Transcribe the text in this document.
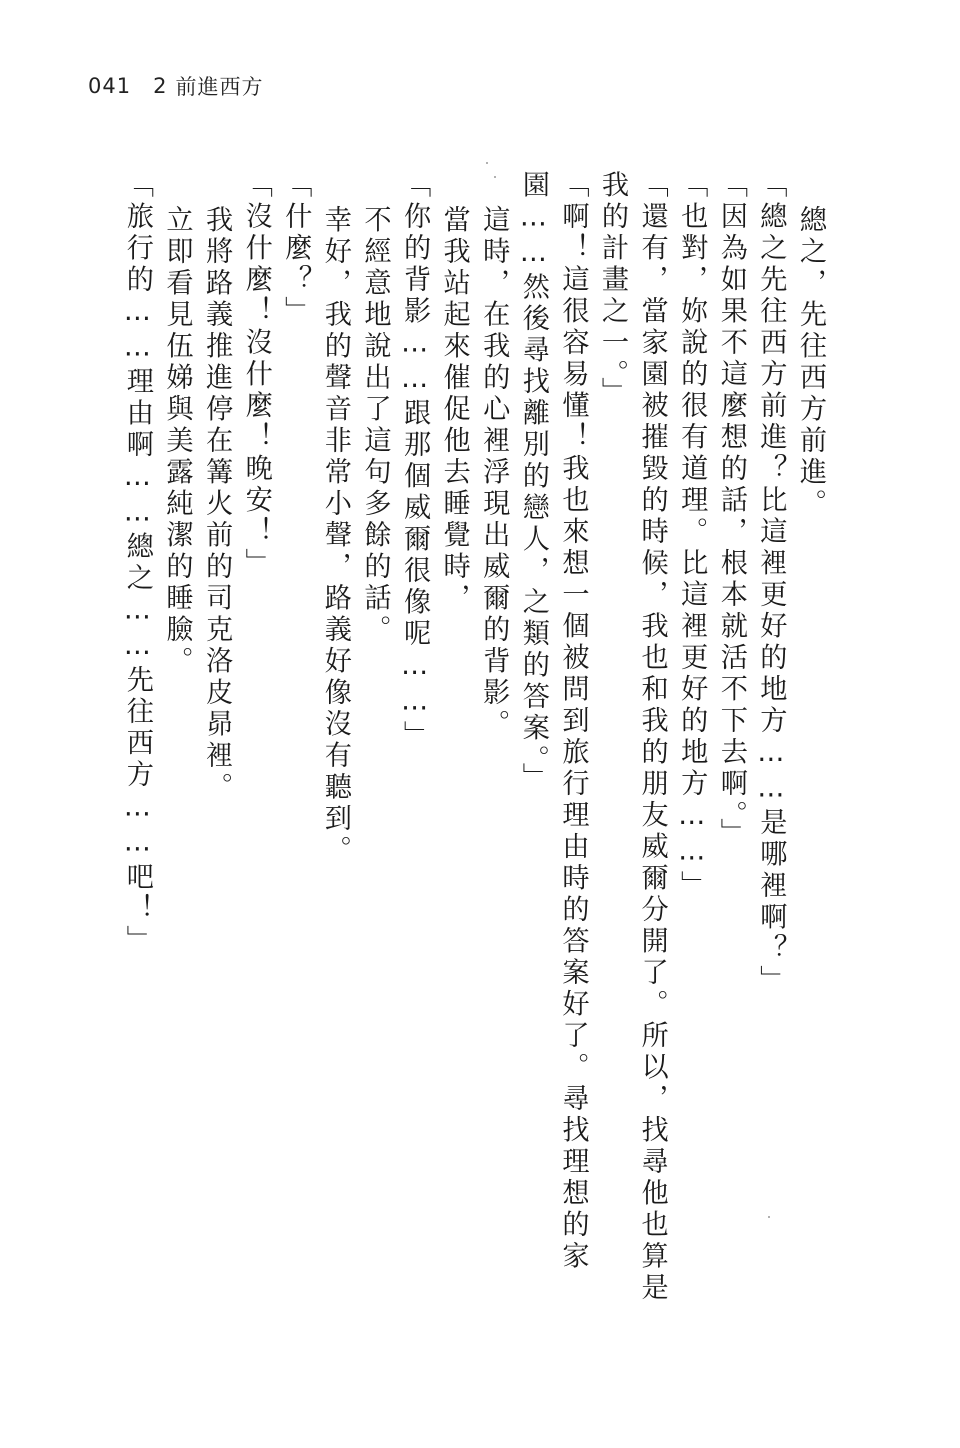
041 2 前進西方

總之，先往西方前進。

「總之先往西方前進？比這裡更好的地方……是哪裡啊？」

「因為如果不這麼想的話，根本就活不下去啊。」

「也對，妳說的很有道理。比這裡更好的地方……」

「還有，當家園被摧毀的時候，我也和我的朋友威爾分開了。所以，找尋他也算是我的計畫之一。」

「啊！這很容易懂！我也來想一個被問到旅行理由時的答案好了。尋找理想的家園……然後尋找離別的戀人，之類的答案。」

這時，在我的心裡浮現出威爾的背影。

當我站起來催促他去睡覺時，

「你的背影……跟那個威爾很像呢……」

不經意地說出了這句多餘的話。

幸好，我的聲音非常小聲，路義好像沒有聽到。

「什麼？」

「沒什麼！沒什麼！晚安！」

我將路義推進停在篝火前的司克洛皮昴裡。

立即看見伍娣與美露純潔的睡臉。

「旅行的……理由啊……總之……先往西方……吧！」
